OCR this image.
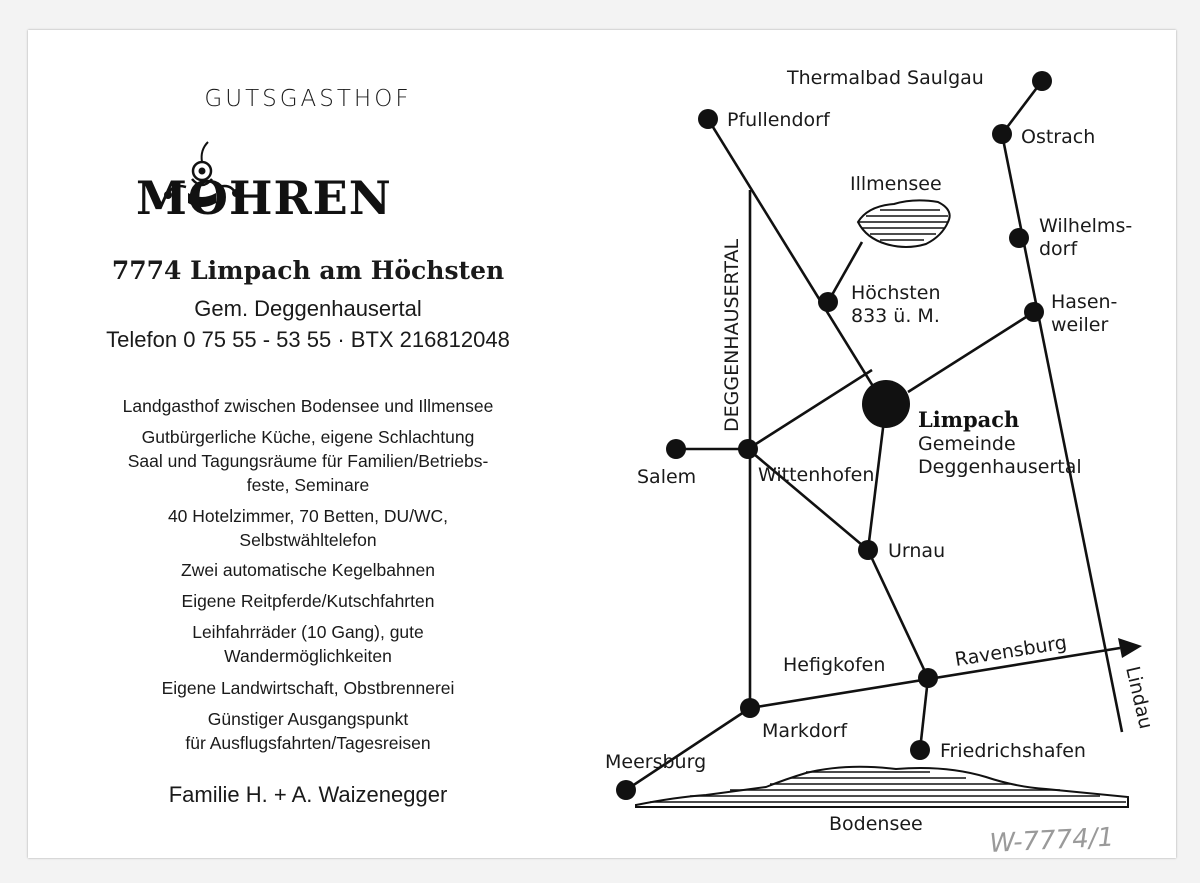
GUTSGASTHOF
MOHREN
7774 Limpach am Höchsten
Gem. Deggenhausertal
Telefon 0 75 55 - 53 55 · BTX 216812048
Landgasthof zwischen Bodensee und Illmensee
Gutbürgerliche Küche, eigene Schlachtung
Saal und Tagungsräume für Familien/Betriebs-
feste, Seminare
40 Hotelzimmer, 70 Betten, DU/WC,
Selbstwähltelefon
Zwei automatische Kegelbahnen
Eigene Reitpferde/Kutschfahrten
Leihfahrräder (10 Gang), gute
Wandermöglichkeiten
Eigene Landwirtschaft, Obstbrennerei
Günstiger Ausgangspunkt
für Ausflugsfahrten/Tagesreisen
Familie H. + A. Waizenegger
Thermalbad Saulgau
Pfullendorf
Ostrach
Illmensee
Wilhelms-
dorf
Höchsten
833 ü. M.
Hasen-
weiler
Limpach
Gemeinde
Deggenhausertal
Salem	Wittenhofen
Urnau
Hefigkofen	Ravensburg
Lindau
Markdorf
Friedrichshafen
Meersburg
Bodensee
DEGGENHAUSERTAL
W-7774/1
